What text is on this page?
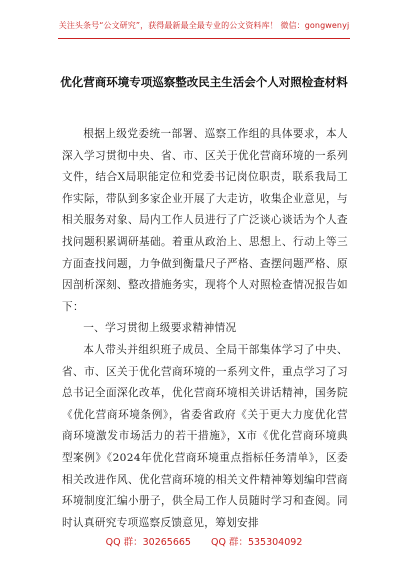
关注头条号“公文研究”，获得最新最全最专业的公文资料库！ 微信：gongwenyj
优化营商环境专项巡察整改民主生活会个人对照检查材料

根据上级党委统一部署、巡察工作组的具体要求，本人深入学习贯彻中央、省、市、区关于优化营商环境的一系列文件，结合X局职能定位和党委书记岗位职责，联系我局工作实际，带队到多家企业开展了大走访，收集企业意见，与相关服务对象、局内工作人员进行了广泛谈心谈话为个人查找问题积累调研基础。着重从政治上、思想上、行动上等三方面查找问题，力争做到衡量尺子严格、查摆问题严格、原因剖析深刻、整改措施务实，现将个人对照检查情况报告如下：

一、学习贯彻上级要求精神情况

本人带头并组织班子成员、全局干部集体学习了中央、省、市、区关于优化营商环境的一系列文件，重点学习了习总书记全面深化改革，优化营商环境相关讲话精神，国务院《优化营商环境条例》，省委省政府《关于更大力度优化营商环境激发市场活力的若干措施》，X市《优化营商环境典型案例》《2024年优化营商环境重点指标任务清单》，区委相关改进作风、优化营商环境的相关文件精神筹划编印营商环境制度汇编小册子，供全局工作人员随时学习和查阅。同时认真研究专项巡察反馈意见，筹划安排

QQ 群：30265665 QQ 群：535304092
